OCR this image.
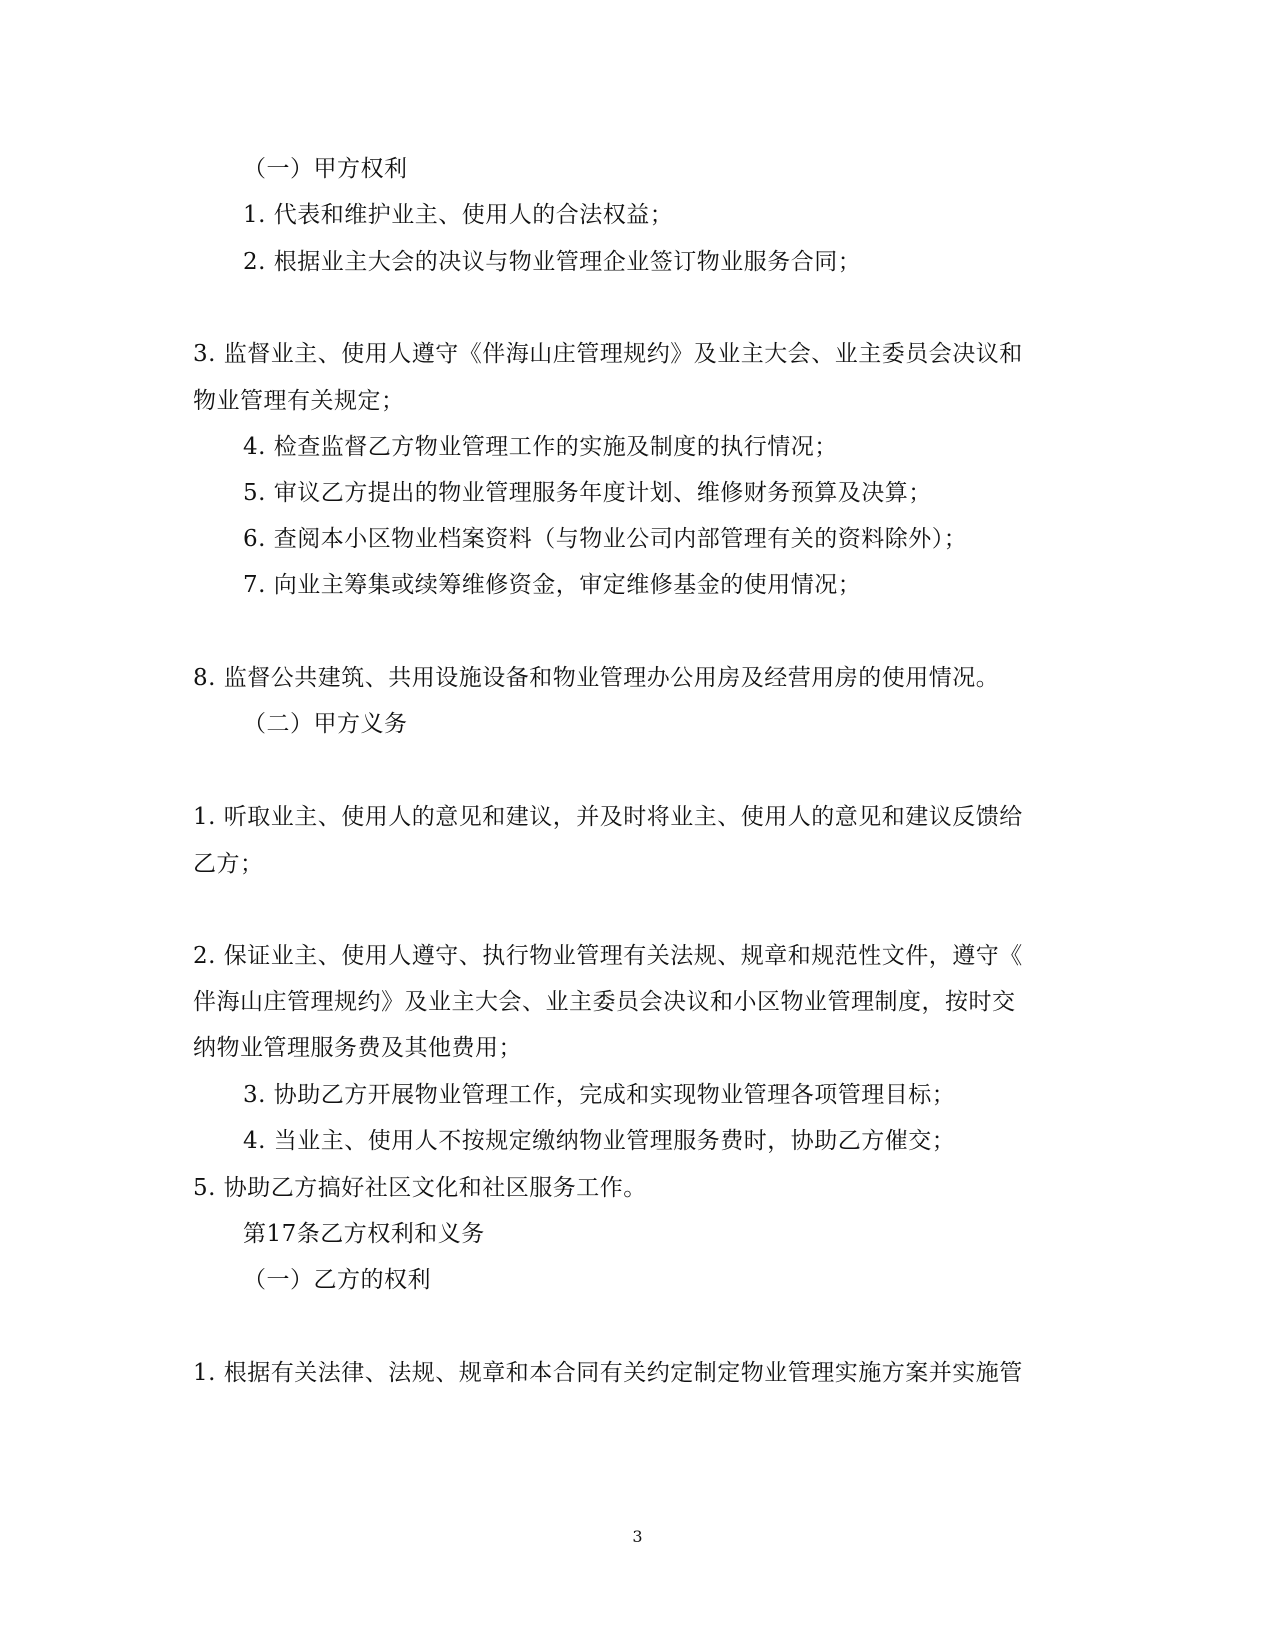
（一）甲方权利
1. 代表和维护业主、使用人的合法权益；
2. 根据业主大会的决议与物业管理企业签订物业服务合同；
3. 监督业主、使用人遵守《伴海山庄管理规约》及业主大会、业主委员会决议和
物业管理有关规定；
4. 检查监督乙方物业管理工作的实施及制度的执行情况；
5. 审议乙方提出的物业管理服务年度计划、维修财务预算及决算；
6. 查阅本小区物业档案资料（与物业公司内部管理有关的资料除外）；
7. 向业主筹集或续筹维修资金，审定维修基金的使用情况；
8. 监督公共建筑、共用设施设备和物业管理办公用房及经营用房的使用情况。
（二）甲方义务
1. 听取业主、使用人的意见和建议，并及时将业主、使用人的意见和建议反馈给
乙方；
2. 保证业主、使用人遵守、执行物业管理有关法规、规章和规范性文件，遵守《
伴海山庄管理规约》及业主大会、业主委员会决议和小区物业管理制度，按时交
纳物业管理服务费及其他费用；
3. 协助乙方开展物业管理工作，完成和实现物业管理各项管理目标；
4. 当业主、使用人不按规定缴纳物业管理服务费时，协助乙方催交；
5. 协助乙方搞好社区文化和社区服务工作。
第17条乙方权利和义务
（一）乙方的权利
1. 根据有关法律、法规、规章和本合同有关约定制定物业管理实施方案并实施管
3
